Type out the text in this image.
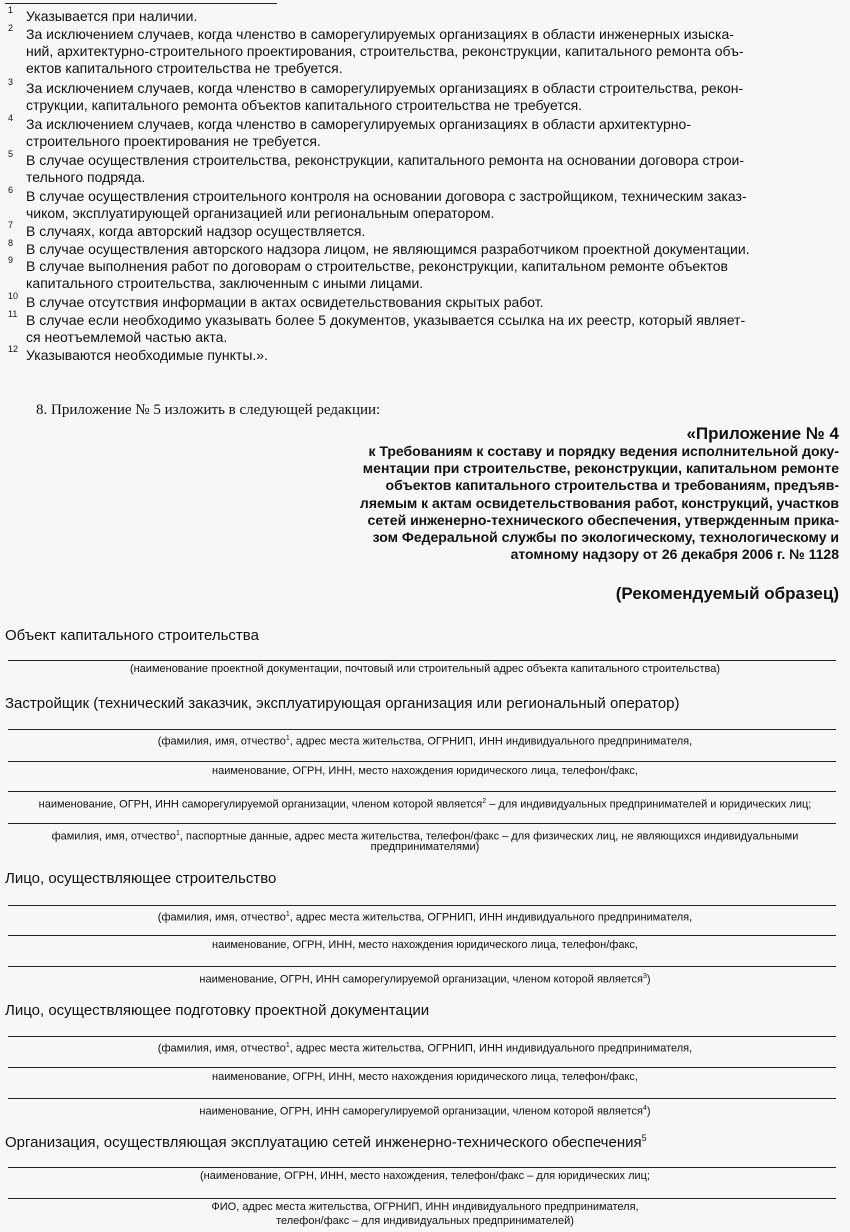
1 Указывается при наличии.
2 За исключением случаев, когда членство в саморегулируемых организациях в области инженерных изыска-
ний, архитектурно-строительного проектирования, строительства, реконструкции, капитального ремонта объ-
ектов капитального строительства не требуется.
3 За исключением случаев, когда членство в саморегулируемых организациях в области строительства, рекон-
струкции, капитального ремонта объектов капитального строительства не требуется.
4 За исключением случаев, когда членство в саморегулируемых организациях в области архитектурно-
строительного проектирования не требуется.
5 В случае осуществления строительства, реконструкции, капитального ремонта на основании договора строи-
тельного подряда.
6 В случае осуществления строительного контроля на основании договора с застройщиком, техническим заказ-
чиком, эксплуатирующей организацией или региональным оператором.
7 В случаях, когда авторский надзор осуществляется.
8 В случае осуществления авторского надзора лицом, не являющимся разработчиком проектной документации.
9 В случае выполнения работ по договорам о строительстве, реконструкции, капитальном ремонте объектов
капитального строительства, заключенным с иными лицами.
10 В случае отсутствия информации в актах освидетельствования скрытых работ.
11 В случае если необходимо указывать более 5 документов, указывается ссылка на их реестр, который являет-
ся неотъемлемой частью акта.
12 Указываются необходимые пункты.».
8. Приложение № 5 изложить в следующей редакции:
«Приложение № 4
к Требованиям к составу и порядку ведения исполнительной доку-
ментации при строительстве, реконструкции, капитальном ремонте
объектов капитального строительства и требованиям, предъяв-
ляемым к актам освидетельствования работ, конструкций, участков
сетей инженерно-технического обеспечения, утвержденным прика-
зом Федеральной службы по экологическому, технологическому и
атомному надзору от 26 декабря 2006 г. № 1128
(Рекомендуемый образец)
Объект капитального строительства
(наименование проектной документации, почтовый или строительный адрес объекта капитального строительства)
Застройщик (технический заказчик, эксплуатирующая организация или региональный оператор)
(фамилия, имя, отчество$^1$, адрес места жительства, ОГРНИП, ИНН индивидуального предпринимателя,
наименование, ОГРН, ИНН, место нахождения юридического лица, телефон/факс,
наименование, ОГРН, ИНН саморегулируемой организации, членом которой является$^2$ – для индивидуальных предпринимателей и юридических лиц;
фамилия, имя, отчество$^1$, паспортные данные, адрес места жительства, телефон/факс – для физических лиц, не являющихся индивидуальными
предпринимателями)
Лицо, осуществляющее строительство
(фамилия, имя, отчество$^1$, адрес места жительства, ОГРНИП, ИНН индивидуального предпринимателя,
наименование, ОГРН, ИНН, место нахождения юридического лица, телефон/факс,
наименование, ОГРН, ИНН саморегулируемой организации, членом которой является$^3$)
Лицо, осуществляющее подготовку проектной документации
(фамилия, имя, отчество$^1$, адрес места жительства, ОГРНИП, ИНН индивидуального предпринимателя,
наименование, ОГРН, ИНН, место нахождения юридического лица, телефон/факс,
наименование, ОГРН, ИНН саморегулируемой организации, членом которой является$^4$)
Организация, осуществляющая эксплуатацию сетей инженерно-технического обеспечения$^5$
(наименование, ОГРН, ИНН, место нахождения, телефон/факс – для юридических лиц;
ФИО, адрес места жительства, ОГРНИП, ИНН индивидуального предпринимателя,
телефон/факс – для индивидуальных предпринимателей)
